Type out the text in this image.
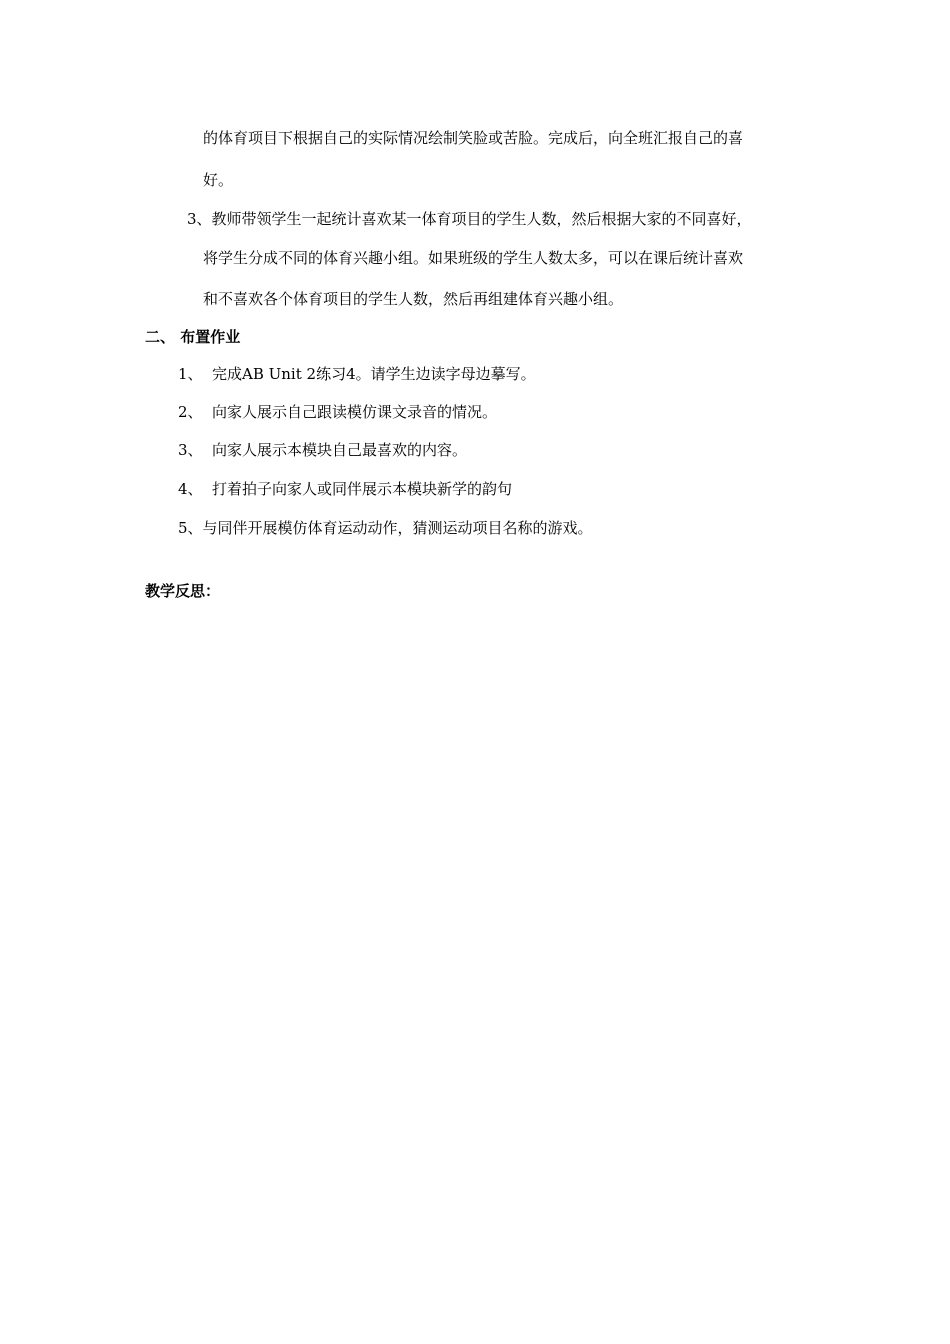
的体育项目下根据自己的实际情况绘制笑脸或苦脸。完成后，向全班汇报自己的喜
好。
3、教师带领学生一起统计喜欢某一体育项目的学生人数，然后根据大家的不同喜好，
将学生分成不同的体育兴趣小组。如果班级的学生人数太多，可以在课后统计喜欢
和不喜欢各个体育项目的学生人数，然后再组建体育兴趣小组。
二、 布置作业
1、 完成AB Unit 2练习4。请学生边读字母边摹写。
2、 向家人展示自己跟读模仿课文录音的情况。
3、 向家人展示本模块自己最喜欢的内容。
4、 打着拍子向家人或同伴展示本模块新学的韵句
5、与同伴开展模仿体育运动动作，猜测运动项目名称的游戏。
教学反思：
